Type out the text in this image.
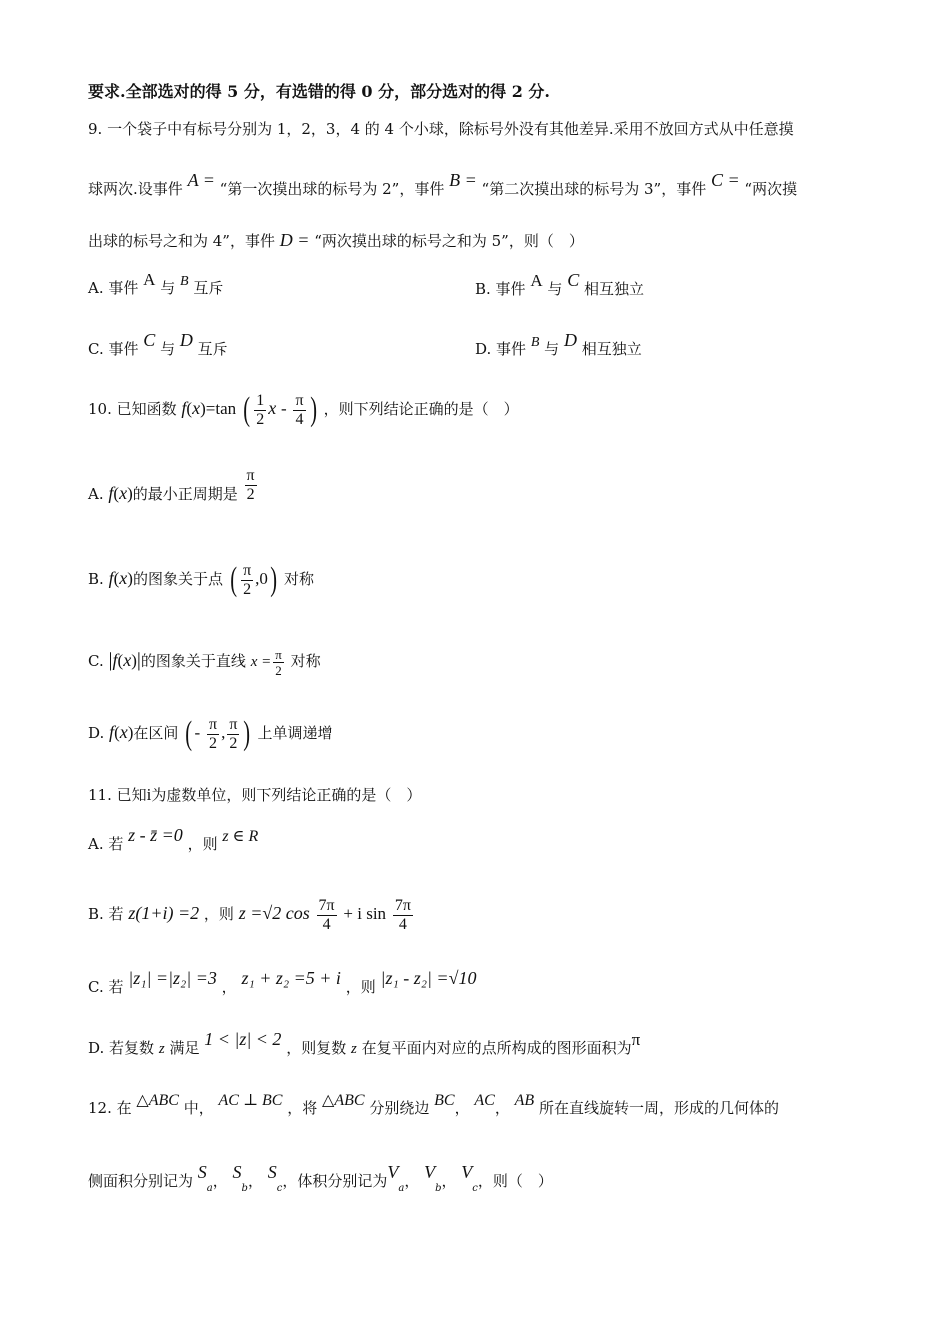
要求.全部选对的得 5 分，有选错的得 0 分，部分选对的得 2 分.
9. 一个袋子中有标号分别为 1，2，3，4 的 4 个小球，除标号外没有其他差异.采用不放回方式从中任意摸
球两次.设事件 A = “第一次摸出球的标号为 2”，事件 B = “第二次摸出球的标号为 3”，事件 C = “两次摸
出球的标号之和为 4”，事件 D = “两次摸出球的标号之和为 5”，则（　）
A. 事件 A 与 B 互斥	B. 事件 A 与 C 相互独立
C. 事件 C 与 D 互斥	D. 事件 B 与 D 相互独立
10. 已知函数 f(x)=tan ( $\frac{1}{2}$ x - $\frac{\pi}{4}$ ) ，则下列结论正确的是（　）
A. f(x)的最小正周期是 $\frac{\pi}{2}$
B. f(x)的图象关于点 ( $\frac{\pi}{2} ,0$) 对称
C. |f(x)|的图象关于直线 $x = \frac{\pi}{2}$ 对称
D. f(x)在区间 ( - $\frac{\pi}{2}$ , $\frac{\pi}{2}$ ) 上单调递增
11. 已知i为虚数单位，则下列结论正确的是（　）
A. 若 z - z̄ =0 ，则 z ∈ R
B. 若 z(1+i) =2 ，则 z =√2 $\cos \frac{7\pi}{4} + i$ $\sin \frac{7\pi}{4}$
C. 若 |z₁| =|z₂| =3 ， z₁ + z₂ =5 + i ，则 |z₁ - z₂| =√10
D. 若复数 z 满足 1 < |z| < 2 ，则复数 z 在复平面内对应的点所构成的图形面积为π
12. 在 △ABC 中， AC ⊥ BC ，将 △ABC 分别绕边 BC， AC， AB 所在直线旋转一周，形成的几何体的
侧面积分别记为 $S_a$， $S_b$， $S_c$，体积分别记为$V_a$， $V_b$， $V_c$，则（　）
